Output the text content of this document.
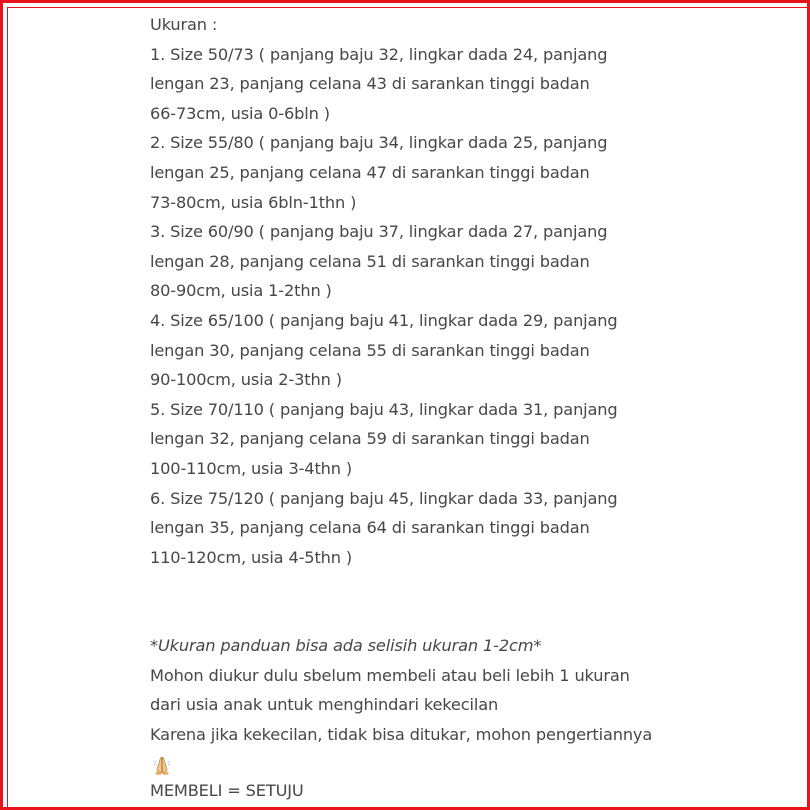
Ukuran :
1. Size 50/73 ( panjang baju 32, lingkar dada 24, panjang
lengan 23, panjang celana 43 di sarankan tinggi badan
66-73cm, usia 0-6bln )
2. Size 55/80 ( panjang baju 34, lingkar dada 25, panjang
lengan 25, panjang celana 47 di sarankan tinggi badan
73-80cm, usia 6bln-1thn )
3. Size 60/90 ( panjang baju 37, lingkar dada 27, panjang
lengan 28, panjang celana 51 di sarankan tinggi badan
80-90cm, usia 1-2thn )
4. Size 65/100 ( panjang baju 41, lingkar dada 29, panjang
lengan 30, panjang celana 55 di sarankan tinggi badan
90-100cm, usia 2-3thn )
5. Size 70/110 ( panjang baju 43, lingkar dada 31, panjang
lengan 32, panjang celana 59 di sarankan tinggi badan
100-110cm, usia 3-4thn )
6. Size 75/120 ( panjang baju 45, lingkar dada 33, panjang
lengan 35, panjang celana 64 di sarankan tinggi badan
110-120cm, usia 4-5thn )
*Ukuran panduan bisa ada selisih ukuran 1-2cm*
Mohon diukur dulu sbelum membeli atau beli lebih 1 ukuran
dari usia anak untuk menghindari kekecilan
Karena jika kekecilan, tidak bisa ditukar, mohon pengertiannya
MEMBELI = SETUJU
